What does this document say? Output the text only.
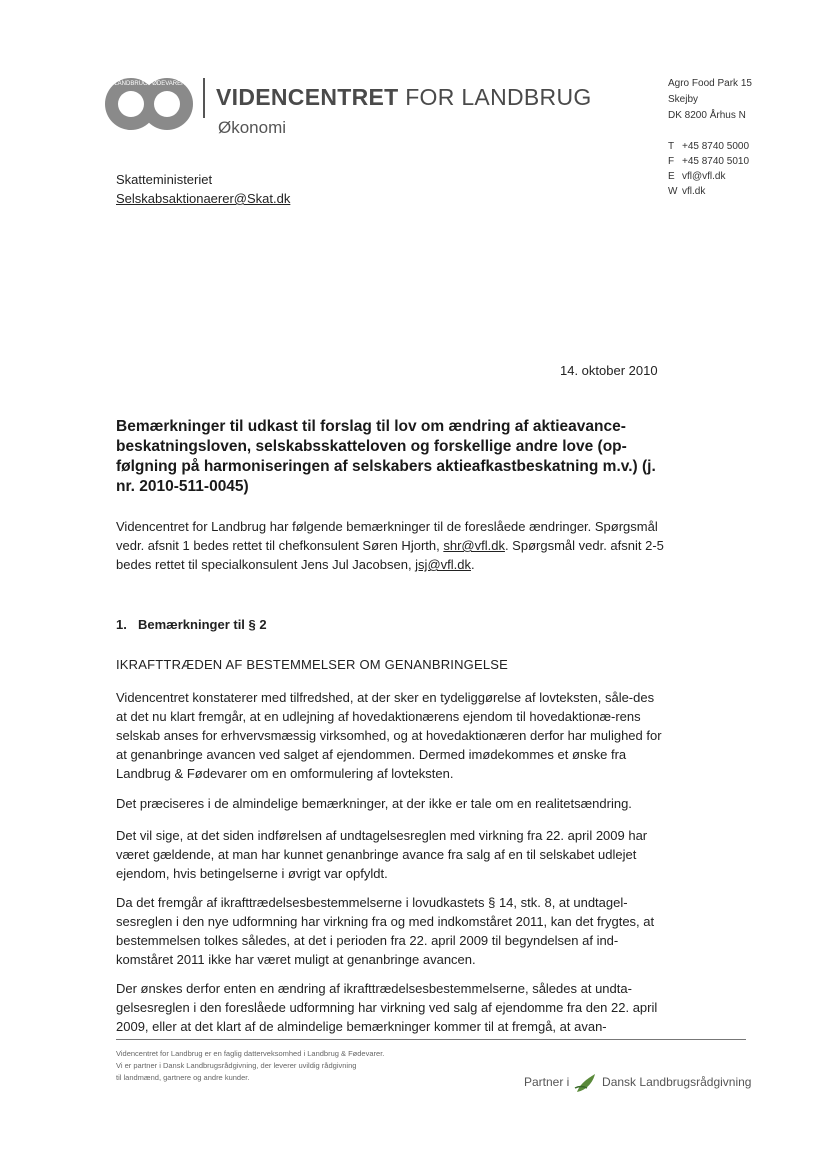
LANDBRUG FØDEVARER VIDENCENTRET FOR LANDBRUG
Økonomi
Agro Food Park 15
Skejby
DK 8200 Århus N
T +45 8740 5000
F +45 8740 5010
E vfl@vfl.dk
W vfl.dk
Skatteministeriet
Selskabsaktionaerer@Skat.dk
14. oktober 2010
Bemærkninger til udkast til forslag til lov om ændring af aktieavance-beskatningsloven, selskabsskatteloven og forskellige andre love (op-følgning på harmoniseringen af selskabers aktieafkastbeskatning m.v.) (j. nr. 2010-511-0045)
Videncentret for Landbrug har følgende bemærkninger til de foreslåede ændringer. Spørgsmål vedr. afsnit 1 bedes rettet til chefkonsulent Søren Hjorth, shr@vfl.dk. Spørgsmål vedr. afsnit 2-5 bedes rettet til specialkonsulent Jens Jul Jacobsen, jsj@vfl.dk.
1. Bemærkninger til § 2
IKRAFTTRÆDEN AF BESTEMMELSER OM GENANBRINGELSE
Videncentret konstaterer med tilfredshed, at der sker en tydeliggørelse af lovteksten, såle-des at det nu klart fremgår, at en udlejning af hovedaktionærens ejendom til hovedaktionæ-rens selskab anses for erhvervsmæssig virksomhed, og at hovedaktionæren derfor har mulighed for at genanbringe avancen ved salget af ejendommen. Dermed imødekommes et ønske fra Landbrug & Fødevarer om en omformulering af lovteksten.
Det præciseres i de almindelige bemærkninger, at der ikke er tale om en realitetsændring.
Det vil sige, at det siden indførelsen af undtagelsesreglen med virkning fra 22. april 2009 har været gældende, at man har kunnet genanbringe avance fra salg af en til selskabet udlejet ejendom, hvis betingelserne i øvrigt var opfyldt.
Da det fremgår af ikrafttrædelsesbestemmelserne i lovudkastets § 14, stk. 8, at undtagel-sesreglen i den nye udformning har virkning fra og med indkomståret 2011, kan det frygtes, at bestemmelsen tolkes således, at det i perioden fra 22. april 2009 til begyndelsen af ind-komståret 2011 ikke har været muligt at genanbringe avancen.
Der ønskes derfor enten en ændring af ikrafttrædelsesbestemmelserne, således at undta-gelsesreglen i den foreslåede udformning har virkning ved salg af ejendomme fra den 22. april 2009, eller at det klart af de almindelige bemærkninger kommer til at fremgå, at avan-
Videncentret for Landbrug er en faglig datterveksomhed i Landbrug & Fødevarer.
Vi er partner i Dansk Landbrugsrådgivning, der leverer uvildig rådgivning
til landmænd, gartnere og andre kunder.	Partner i	Dansk Landbrugsrådgivning
